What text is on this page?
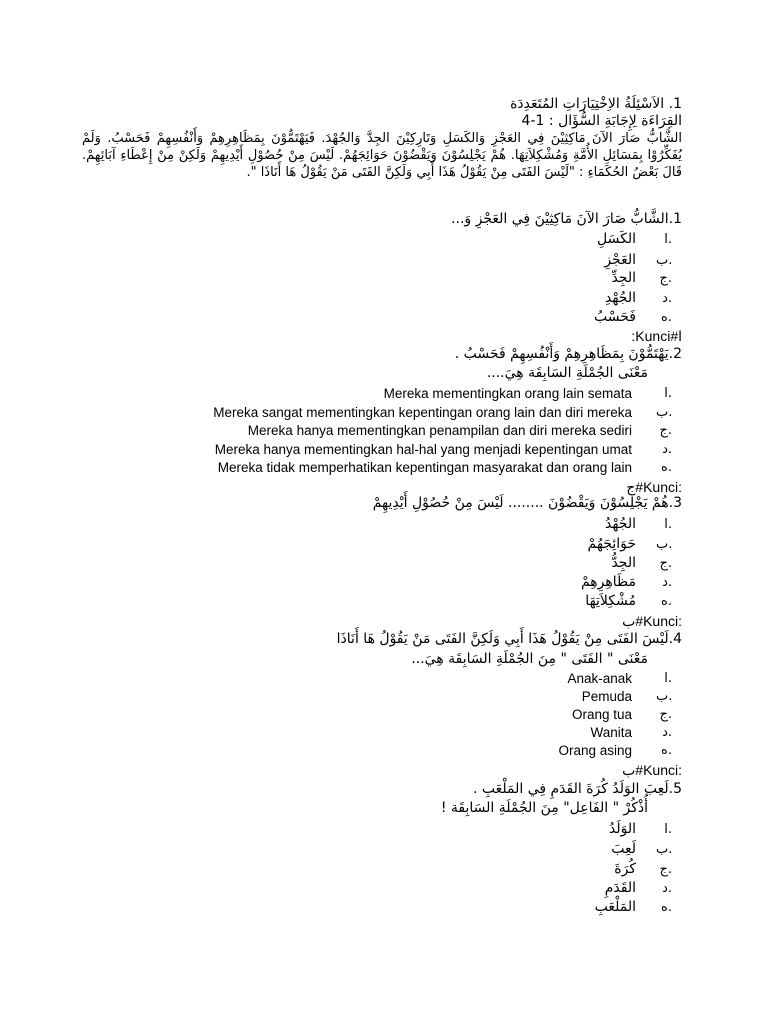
1. الاَسْئِلَةُ الاِخْتِيَارَاتِ المُتَعَدِدَة
القِرَاءَة لِإِجَابَةِ السُّؤَال : 1-4
الشَّابُّ صَارَ الآنَ مَاكِثِيْنَ فِي العَجْزِ وَالكَسَلِ وَتَارِكِيْنَ الجِدَّ وَالجُهْدَ. فَيَهْتَمُّوْنَ بِمَظَاهِرِهِمْ وَأَنْفُسِهِمْ فَحَسْبُ. وَلَمْ يُفَكِّرُوْا بِمَسَائِلِ الأُمَّةِ وَمُشْكِلاَتِهَا. هُمْ يَجْلِسُوْنَ وَيَقْضُوْنَ حَوَائِجَهُمْ. لَيْسَ مِنْ حُصُوْلِ أَيْدِيهِمْ وَلَكِنْ مِنْ إِعْطَاءِ آبَائِهِمْ. قَالَ بَعْضُ الحُكَمَاءِ : "لَيْسَ الفَتَى مِنْ يَقُوْلُ هَذَا أَبِي وَلَكِنَّ الفَتَى مَنْ يَقُوْلُ هَا أَنَاذَا ".
1.الشَّابُّ صَارَ الآنَ مَاكِثِيْنَ فِي العَجْزِ وَ...
الكَسَلِ	ا.
العَجْزِ ب.
الجِدِّ ج.
الجُهْدِ	د.
فَحَسْبُ	ه.
:Kunci#ا
2.يَهْتَمُّوْنَ بِمَظَاهِرِهِمْ وَأَنْفُسِهِمْ فَحَسْبُ .
مَعْنَى الجُمْلَةِ السَابِقَة هِيَ....
Mereka mementingkan orang lain semata	ا.
Mereka sangat mementingkan kepentingan orang lain dan diri mereka ب.
Mereka hanya mementingkan penampilan dan diri mereka sediri ج.
Mereka hanya mementingkan hal-hal yang menjadi kepentingan umat	د.
Mereka tidak memperhatikan kepentingan masyarakat dan orang lain	ه.
ج#Kunci:
3.هُمْ يَجْلِسُوْنَ وَيَقْضُوْنَ ........ لَيْسَ مِنْ حُصُوْلِ أَيْدِيهِمْ
الجُهْدُ	ا.
حَوَائِجَهُمْ ب.
الجِدُّ ج.
مَظَاهِرِهِمْ	د.
مُشْكِلاَتِهَا	ه.
ب#Kunci:
4.لَيْسَ الفَتَى مِنْ يَقُوْلُ هَذَا أَبِي وَلَكِنَّ الفَتَى مَنْ يَقُوْلُ هَا أَنَاذَا
مَعْنَى " الفَتَى " مِنَ الجُمْلَةِ السَابِقَة هِيَ...
Anak-anak	ا.
Pemuda ب.
Orang tua ج.
Wanita	د.
Orang asing	ه.
ب#Kunci:
5.لَعِبَ الوَلَدُ كُرَةَ القَدَمِ فِي المَلْعَبِ .
أُذْكُرْ " الفَاعِل" مِنَ الجُمْلَةِ السَابِقَة !
الوَلَدُ	ا.
لَعِبَ ب.
كُرَةَ ج.
القَدَمِ	د.
المَلْعَبِ	ه.
